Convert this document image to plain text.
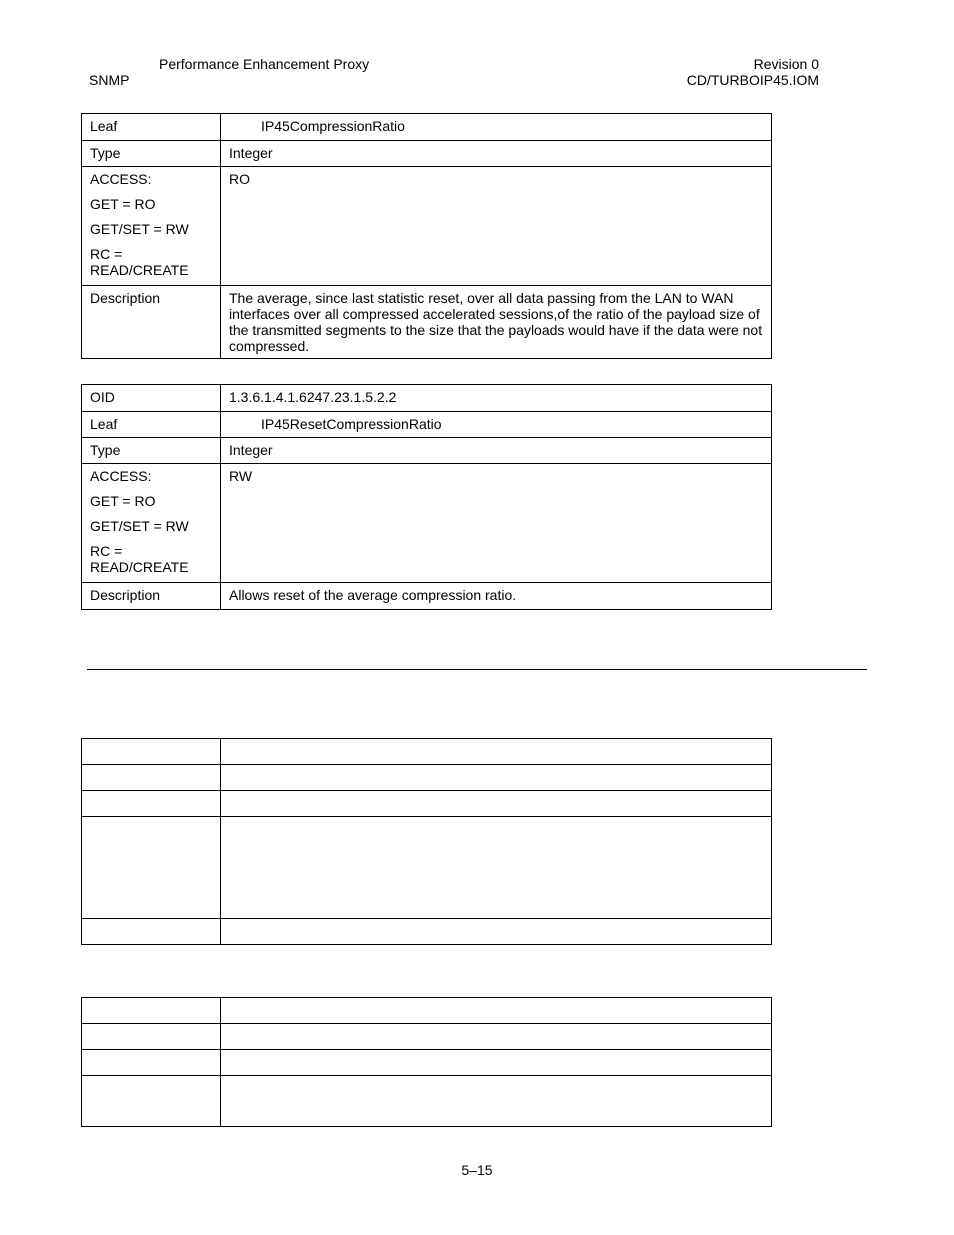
Performance Enhancement Proxy
SNMP
Revision 0
CD/TURBOIP45.IOM
Leaf	IP45CompressionRatio

Type	Integer

ACCESS:
GET = RO
GET/SET = RW
RC =
READ/CREATE	RO

Description	The average, since last statistic reset, over all data passing from the LAN to WAN interfaces over all compressed accelerated sessions,of the ratio of the payload size of the transmitted segments to the size that the payloads would have if the data were not compressed.
OID	1.3.6.1.4.1.6247.23.1.5.2.2

Leaf	IP45ResetCompressionRatio

Type	Integer

ACCESS:
GET = RO
GET/SET = RW
RC =
READ/CREATE	RW

Description	Allows reset of the average compression ratio.

5–15
